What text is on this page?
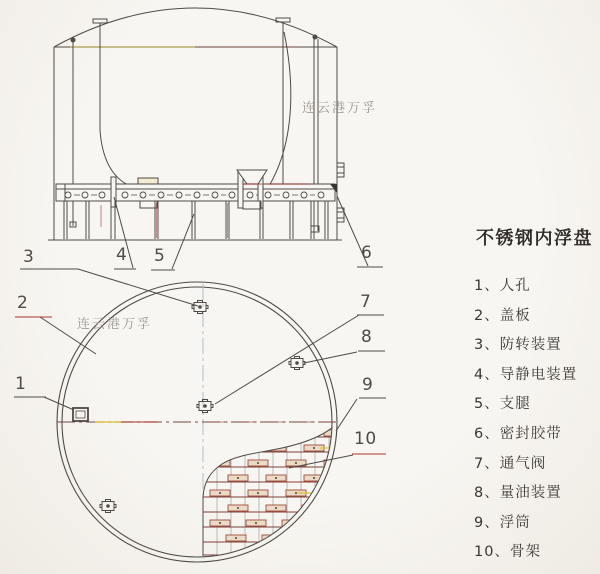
连云港万孚
连云港万孚
1
2
3	4 5	6
7
8
9
10
不锈钢内浮盘
1、人孔
2、盖板
3、防转装置
4、导静电装置
5、支腿
6、密封胶带
7、通气阀
8、量油装置
9、浮筒
10、骨架
